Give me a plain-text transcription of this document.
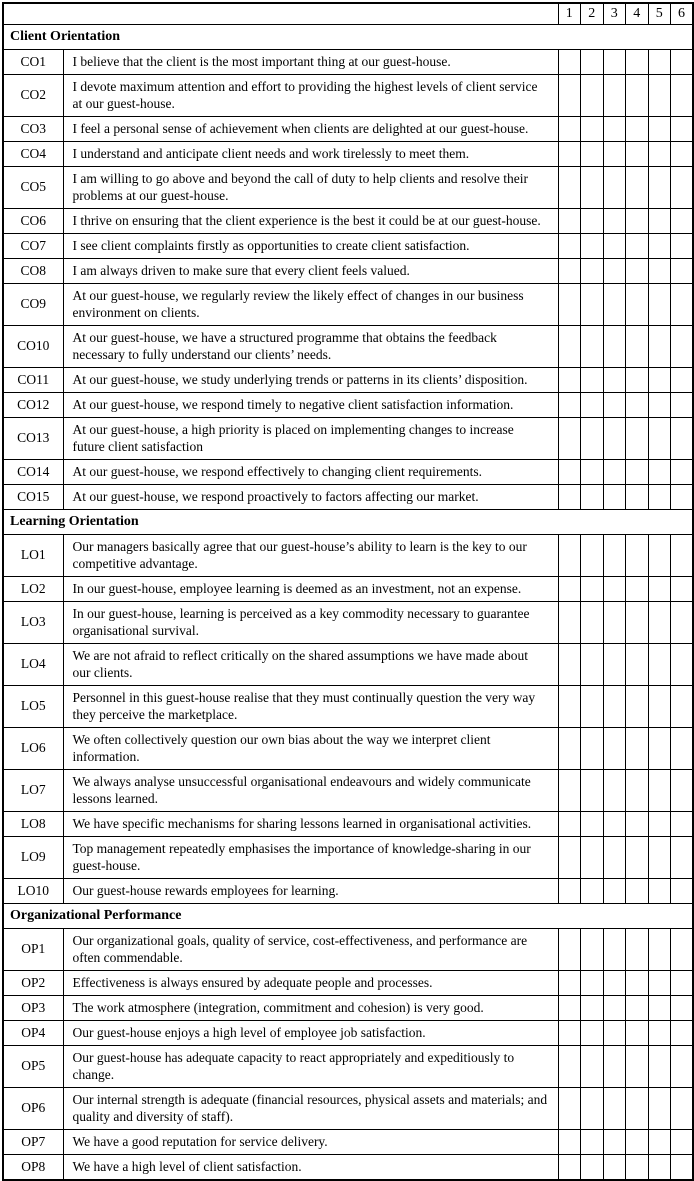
		1	2	3	4	5	6
Client Orientation							
CO1	I believe that the client is the most important thing at our guest-house.						
CO2	I devote maximum attention and effort to providing the highest levels of client service at our guest-house.						
CO3	I feel a personal sense of achievement when clients are delighted at our guest-house.						
CO4	I understand and anticipate client needs and work tirelessly to meet them.						
CO5	I am willing to go above and beyond the call of duty to help clients and resolve their problems at our guest-house.						
CO6	I thrive on ensuring that the client experience is the best it could be at our guest-house.						
CO7	I see client complaints firstly as opportunities to create client satisfaction.						
CO8	I am always driven to make sure that every client feels valued.						
CO9	At our guest-house, we regularly review the likely effect of changes in our business environment on clients.						
CO10	At our guest-house, we have a structured programme that obtains the feedback necessary to fully understand our clients’ needs.						
CO11	At our guest-house, we study underlying trends or patterns in its clients’ disposition.						
CO12	At our guest-house, we respond timely to negative client satisfaction information.						
CO13	At our guest-house, a high priority is placed on implementing changes to increase future client satisfaction						
CO14	At our guest-house, we respond effectively to changing client requirements.						
CO15	At our guest-house, we respond proactively to factors affecting our market.						
Learning Orientation							
LO1	Our managers basically agree that our guest-house’s ability to learn is the key to our competitive advantage.						
LO2	In our guest-house, employee learning is deemed as an investment, not an expense.						
LO3	In our guest-house, learning is perceived as a key commodity necessary to guarantee organisational survival.						
LO4	We are not afraid to reflect critically on the shared assumptions we have made about our clients.						
LO5	Personnel in this guest-house realise that they must continually question the very way they perceive the marketplace.						
LO6	We often collectively question our own bias about the way we interpret client information.						
LO7	We always analyse unsuccessful organisational endeavours and widely communicate lessons learned.						
LO8	We have specific mechanisms for sharing lessons learned in organisational activities.						
LO9	Top management repeatedly emphasises the importance of knowledge-sharing in our guest-house.						
LO10	Our guest-house rewards employees for learning.						
Organizational Performance							
OP1	Our organizational goals, quality of service, cost-effectiveness, and performance are often commendable.						
OP2	Effectiveness is always ensured by adequate people and processes.						
OP3	The work atmosphere (integration, commitment and cohesion) is very good.						
OP4	Our guest-house enjoys a high level of employee job satisfaction.						
OP5	Our guest-house has adequate capacity to react appropriately and expeditiously to change.						
OP6	Our internal strength is adequate (financial resources, physical assets and materials; and quality and diversity of staff).						
OP7	We have a good reputation for service delivery.						
OP8	We have a high level of client satisfaction.						
